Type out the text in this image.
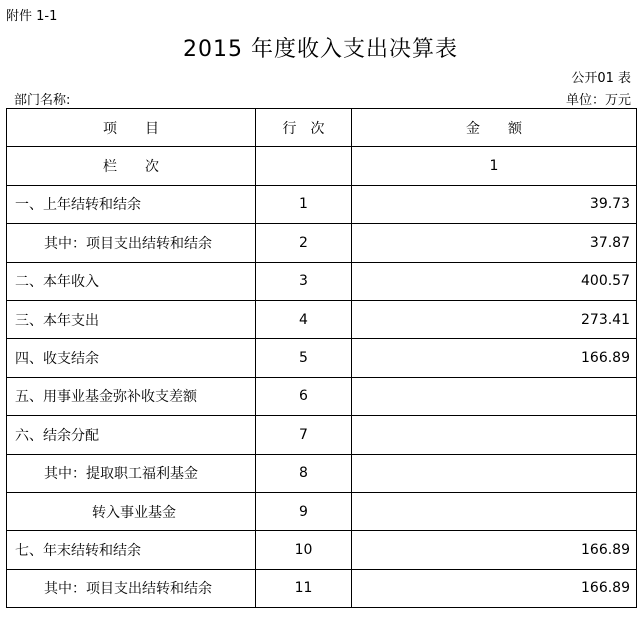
附件 1-1
2015 年度收入支出决算表
公开01 表
部门名称:	单位：万元
项　　目	行　次	金　　额
栏　　次		1
一、上年结转和结余	1	39.73
其中：项目支出结转和结余	2	37.87
二、本年收入	3	400.57
三、本年支出	4	273.41
四、收支结余	5	166.89
五、用事业基金弥补收支差额	6	
六、结余分配	7	
其中：提取职工福利基金	8	
转入事业基金	9	
七、年末结转和结余	10	166.89
其中：项目支出结转和结余	11	166.89
